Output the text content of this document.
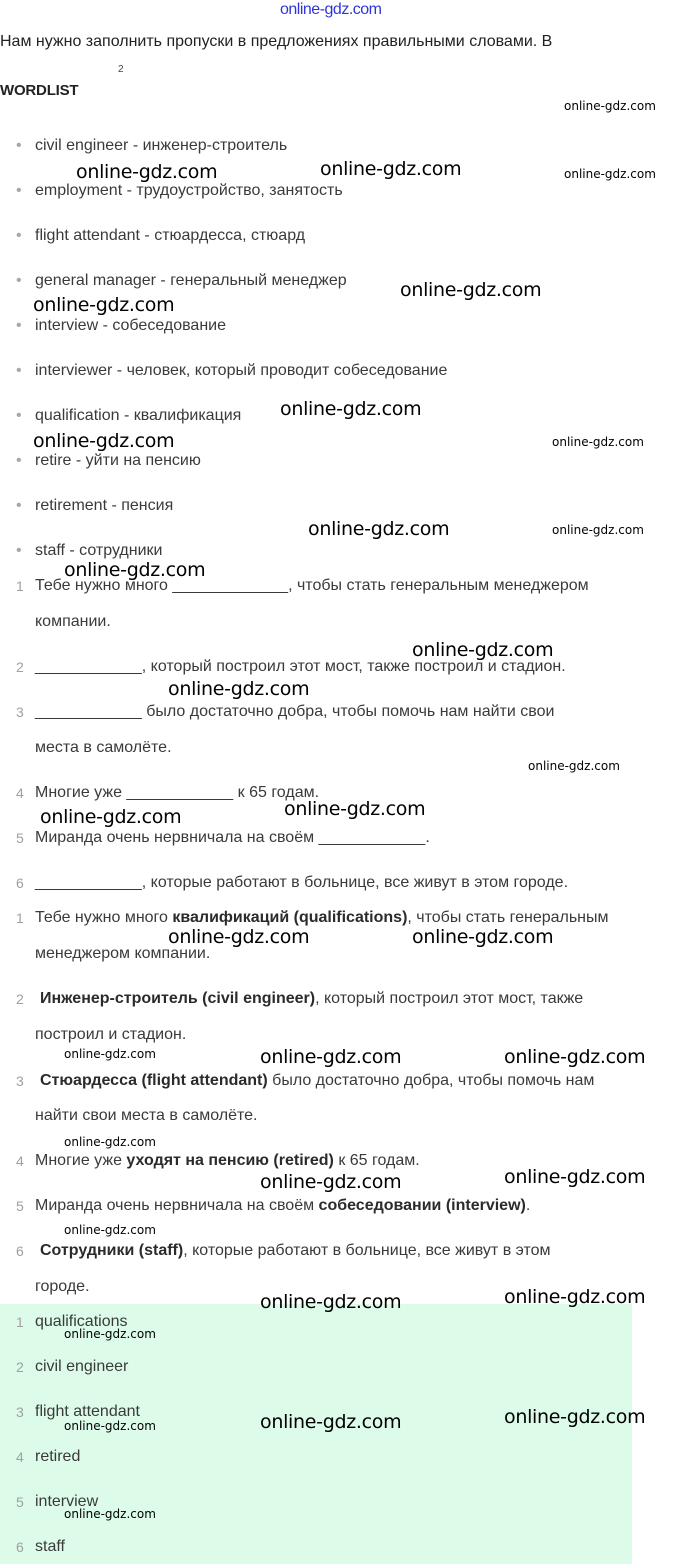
online-gdz.com
Нам нужно заполнить пропуски в предложениях правильными словами. В
2
WORDLIST
• civil engineer - инженер-строитель
• employment - трудоустройство, занятость
• flight attendant - стюардесса, стюард
• general manager - генеральный менеджер
• interview - собеседование
• interviewer - человек, который проводит собеседование
• qualification - квалификация
• retire - уйти на пенсию
• retirement - пенсия
• staff - сотрудники
1 Тебе нужно много _____________, чтобы стать генеральным менеджером
компании.
2 ____________, который построил этот мост, также построил и стадион.
3 ____________ было достаточно добра, чтобы помочь нам найти свои
места в самолёте.
4 Многие уже ____________ к 65 годам.
5 Миранда очень нервничала на своём ____________.
6 ____________, которые работают в больнице, все живут в этом городе.
1 Тебе нужно много квалификаций (qualifications), чтобы стать генеральным
менеджером компании.
2 Инженер-строитель (civil engineer), который построил этот мост, также
построил и стадион.
3 Стюардесса (flight attendant) было достаточно добра, чтобы помочь нам
найти свои места в самолёте.
4 Многие уже уходят на пенсию (retired) к 65 годам.
5 Миранда очень нервничала на своём собеседовании (interview).
6 Сотрудники (staff), которые работают в больнице, все живут в этом
городе.
1 qualifications
2 civil engineer
3 flight attendant
4 retired
5 interview
6 staff
online-gdz.com
online-gdz.com	online-gdz.com	online-gdz.com
online-gdz.com
online-gdz.com
online-gdz.com
online-gdz.com	online-gdz.com
online-gdz.com	online-gdz.com
online-gdz.com
online-gdz.com
online-gdz.com
online-gdz.com
online-gdz.com
online-gdz.com
online-gdz.com	online-gdz.com
online-gdz.com	online-gdz.com	online-gdz.com
online-gdz.com
online-gdz.com
online-gdz.com
online-gdz.com
online-gdz.com
online-gdz.com
online-gdz.com
online-gdz.com	online-gdz.com
online-gdz.com
online-gdz.com
